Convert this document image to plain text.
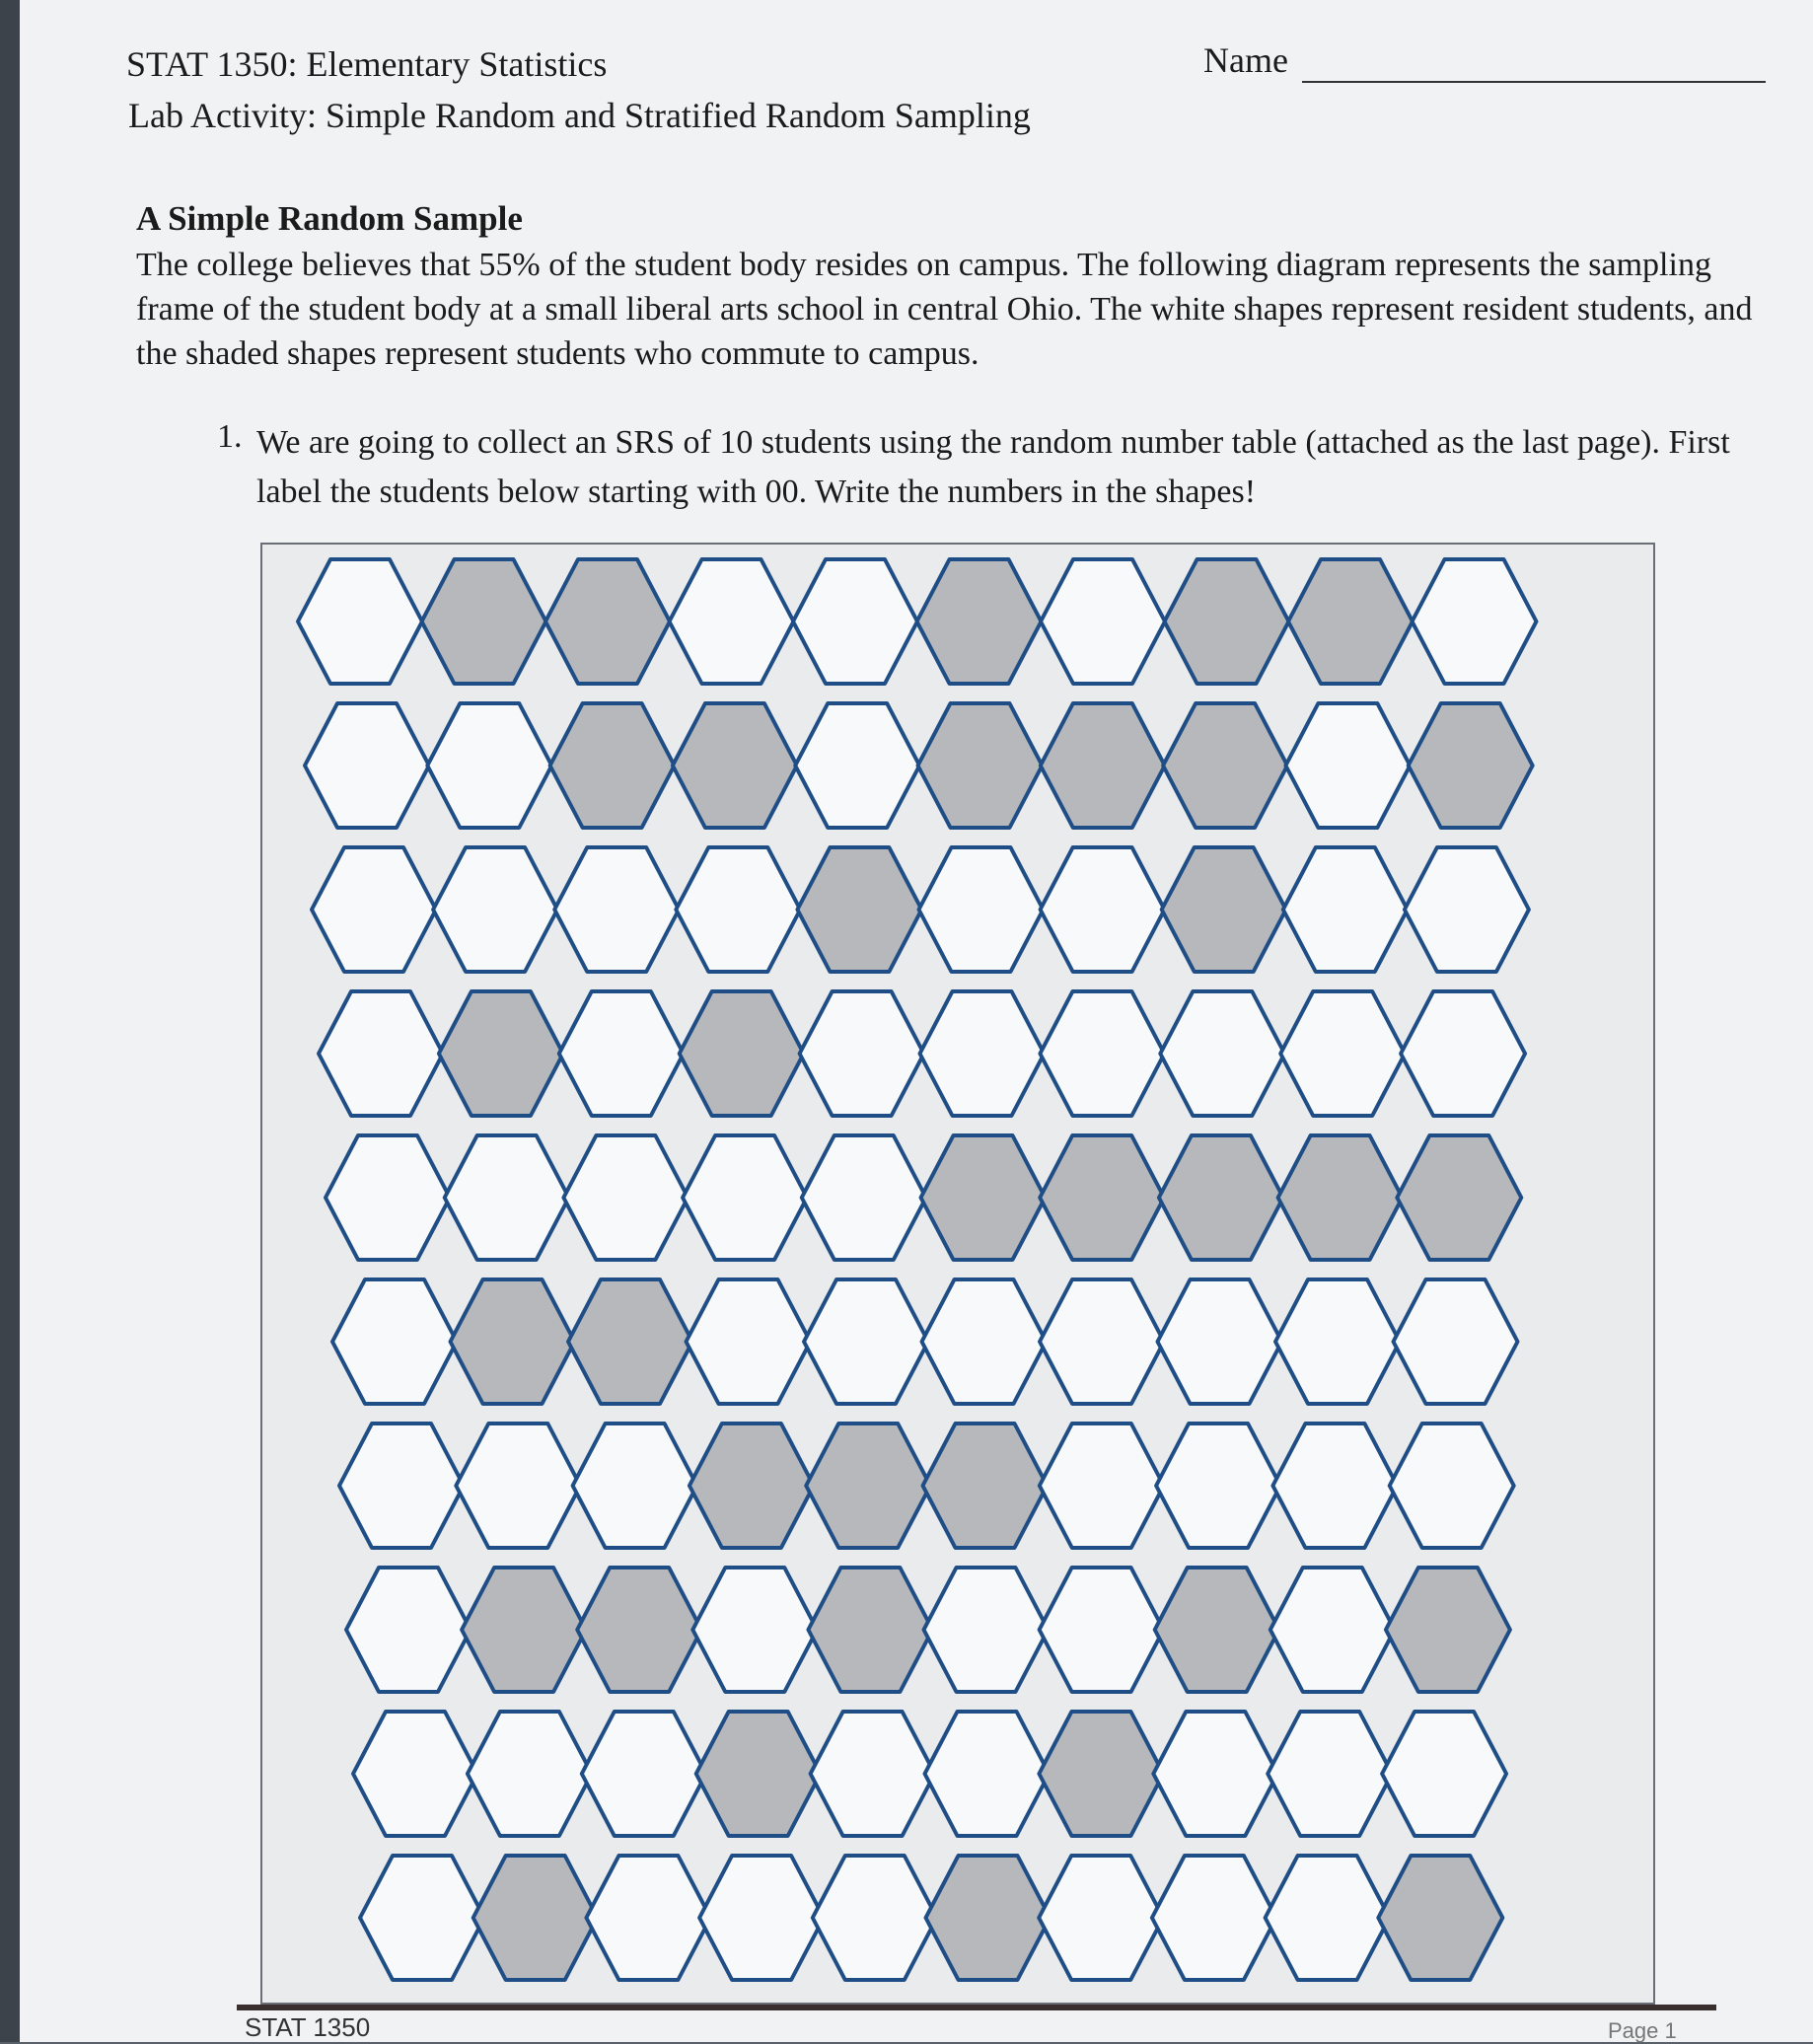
STAT 1350: Elementary Statistics
Lab Activity: Simple Random and Stratified Random Sampling
Name
A Simple Random Sample
The college believes that 55% of the student body resides on campus. The following diagram represents the sampling frame of the student body at a small liberal arts school in central Ohio. The white shapes represent resident students, and the shaded shapes represent students who commute to campus.
1. We are going to collect an SRS of 10 students using the random number table (attached as the last page). First label the students below starting with 00. Write the numbers in the shapes!
STAT 1350	Page 1
